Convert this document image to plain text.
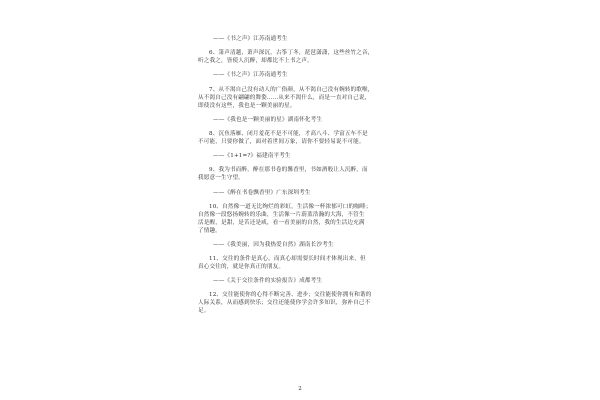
——《书之声》江苏南通考生
6、箫声清越，萧声深沉，古筝丁冬，琵琶潇潇，这些丝竹之音，
听之我之，皆使人沉醉，却都比不上书之声。
——《书之声》江苏南通考生
7、从不渴自己没有动人的广俗颜，从不渴自己没有婉转的歌喉，
从不渴自己没有翩翩的舞姿……从来不渴什么，而是一直对自己说，
即使没有这些，我也是一颗美丽的星。
——《我也是一颗美丽的星》湖南怀化考生
8、沉鱼落雁、闭月羞花不是不可能，才高八斗、学富五车不是
不可能，只要你做了，面对着世间万象，请你不要轻易说不可能。
——《1+1=?》福建南平考生
9、我为书而醉，醉在那书卷的馨香里，书如酒般让人沉醉，而
我愿意一生守望。
——《醉在书卷飘香里》广东深圳考生
10、自然像一道无比绚烂的彩虹，生活像一杯浓郁可口的咖啡；
自然像一段悠扬婉转的乐曲，生活像一片蔚蓝浩瀚的大海，不管生
活是醒，是甜，是苦还是咸，看一看美丽的自然，我的生活边充满
了情趣。
——《我美丽，因为我热爱自然》湖南长沙考生
11、交往的条件是真心，而真心却需要长时间才体现出来，但
真心交往的，就是你真正的朋友。
——《关于交往条件的实验报告》成都考生
12、交往能使你的心得不断完善、进步；交往能使你拥有和谐的
人际关系，从而感到快乐；交往还能使你学会许多知识，弥补自己不
足。
2
